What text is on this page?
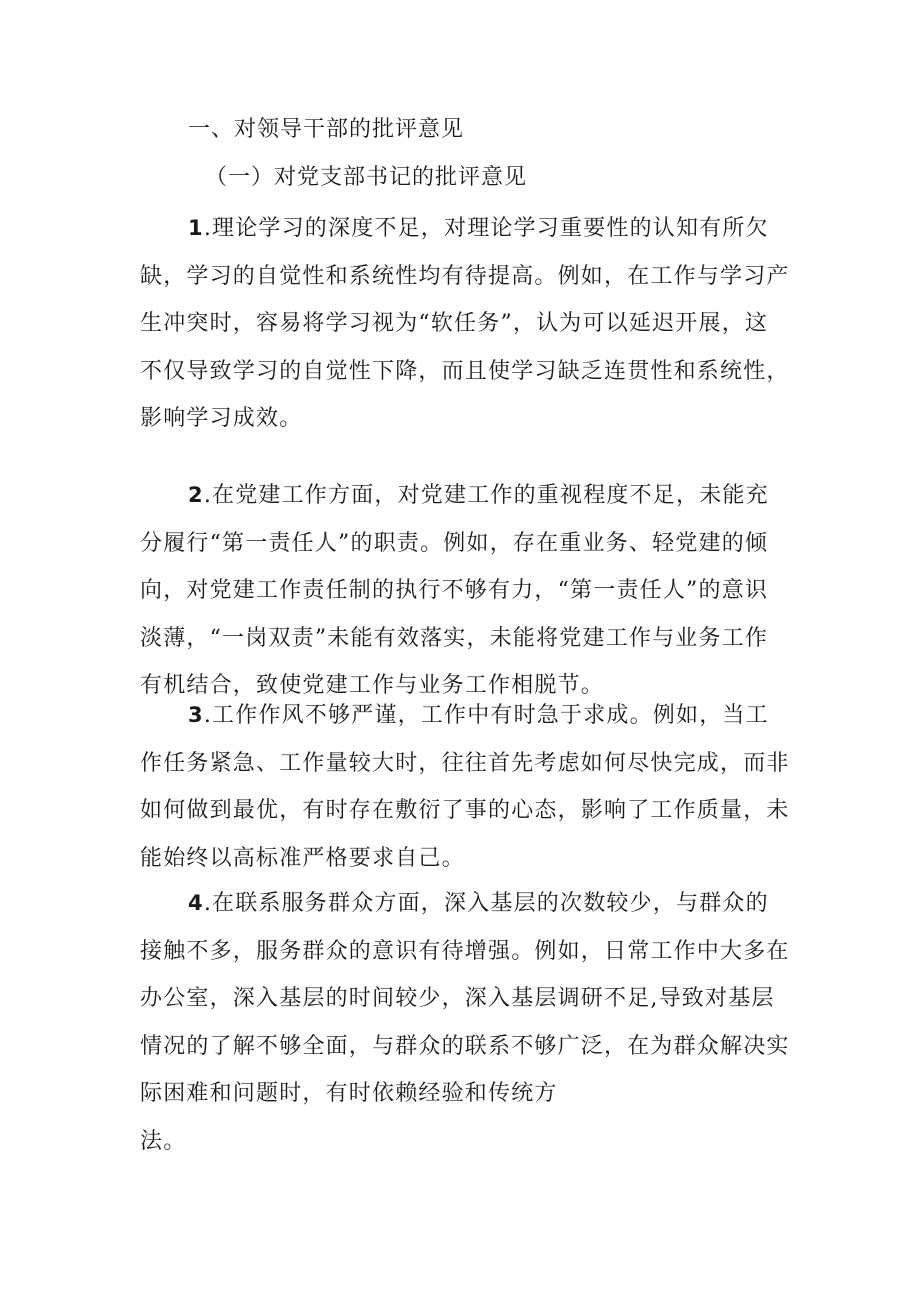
一、对领导干部的批评意见
（一）对党支部书记的批评意见
1.理论学习的深度不足，对理论学习重要性的认知有所欠
缺，学习的自觉性和系统性均有待提高。例如，在工作与学习产
生冲突时，容易将学习视为“软任务”，认为可以延迟开展，这
不仅导致学习的自觉性下降，而且使学习缺乏连贯性和系统性，
影响学习成效。
2.在党建工作方面，对党建工作的重视程度不足，未能充
分履行“第一责任人”的职责。例如，存在重业务、轻党建的倾
向，对党建工作责任制的执行不够有力，“第一责任人”的意识
淡薄，“一岗双责”未能有效落实，未能将党建工作与业务工作
有机结合，致使党建工作与业务工作相脱节。
3.工作作风不够严谨，工作中有时急于求成。例如，当工
作任务紧急、工作量较大时，往往首先考虑如何尽快完成，而非
如何做到最优，有时存在敷衍了事的心态，影响了工作质量，未
能始终以高标准严格要求自己。
4.在联系服务群众方面，深入基层的次数较少，与群众的
接触不多，服务群众的意识有待增强。例如，日常工作中大多在
办公室，深入基层的时间较少，深入基层调研不足,导致对基层
情况的了解不够全面，与群众的联系不够广泛，在为群众解决实
际困难和问题时，有时依赖经验和传统方
法。
